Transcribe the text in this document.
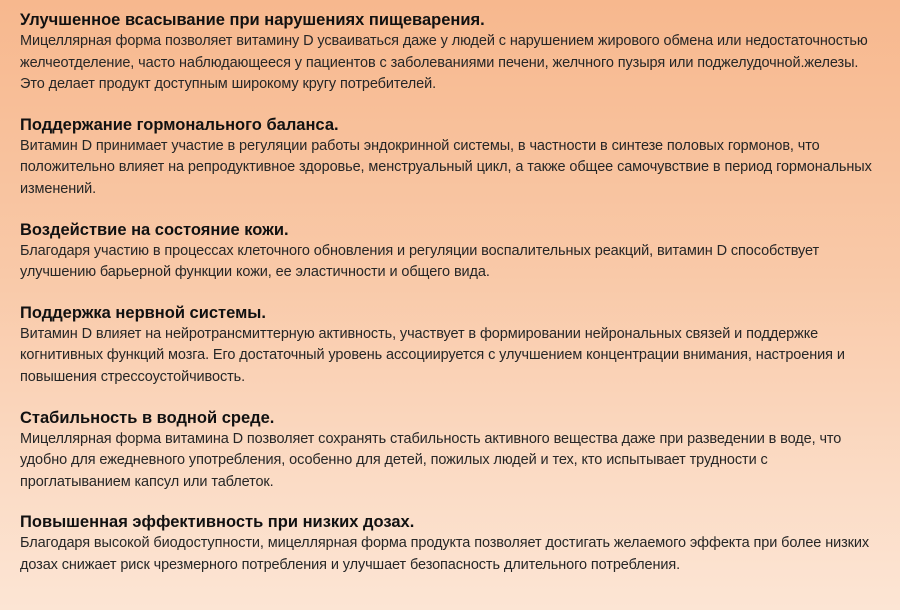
Улучшенное всасывание при нарушениях пищеварения.

Мицеллярная форма позволяет витамину D усваиваться даже у людей с нарушением жирового обмена или недостаточностью желчеотделение, часто наблюдающееся у пациентов с заболеваниями печени, желчного пузыря или поджелудочной.железы. Это делает продукт доступным широкому кругу потребителей.

Поддержание гормонального баланса.

Витамин D принимает участие в регуляции работы эндокринной системы, в частности в синтезе половых гормонов, что положительно влияет на репродуктивное здоровье, менструальный цикл, а также общее самочувствие в период гормональных изменений.

Воздействие на состояние кожи.

Благодаря участию в процессах клеточного обновления и регуляции воспалительных реакций, витамин D способствует улучшению барьерной функции кожи, ее эластичности и общего вида.

Поддержка нервной системы.

Витамин D влияет на нейротрансмиттерную активность, участвует в формировании нейрональных связей и поддержке когнитивных функций мозга. Его достаточный уровень ассоциируется с улучшением концентрации внимания, настроения и повышения стрессоустойчивость.

Стабильность в водной среде.

Мицеллярная форма витамина D позволяет сохранять стабильность активного вещества даже при разведении в воде, что удобно для ежедневного употребления, особенно для детей, пожилых людей и тех, кто испытывает трудности с проглатыванием капсул или таблеток.

Повышенная эффективность при низких дозах.

Благодаря высокой биодоступности, мицеллярная форма продукта позволяет достигать желаемого эффекта при более низких дозах снижает риск чрезмерного потребления и улучшает безопасность длительного потребления.
